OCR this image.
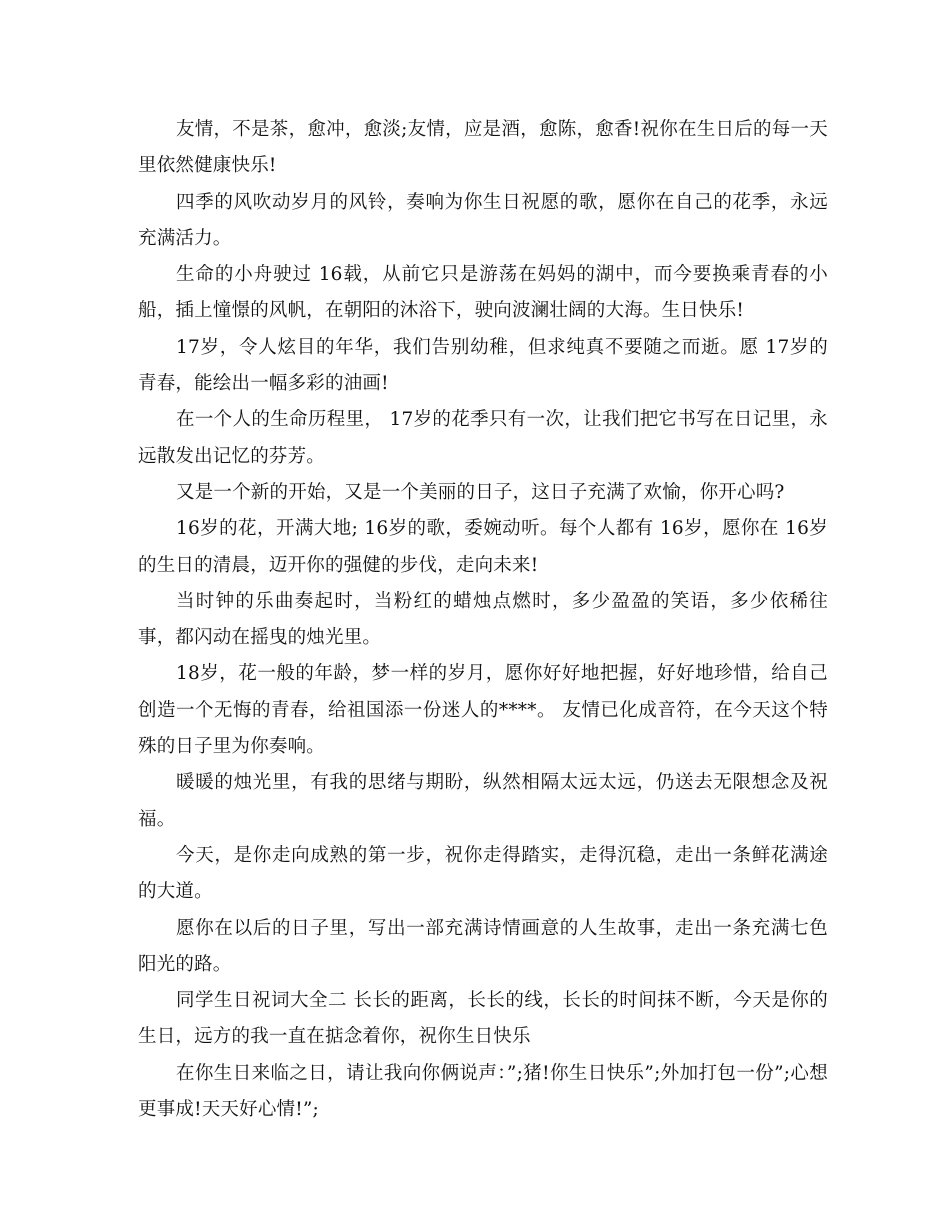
友情，不是茶，愈冲，愈淡;友情，应是酒，愈陈，愈香!祝你在生日后的每一天里依然健康快乐!

四季的风吹动岁月的风铃，奏响为你生日祝愿的歌，愿你在自己的花季，永远充满活力。

生命的小舟驶过 16载，从前它只是游荡在妈妈的湖中，而今要换乘青春的小船，插上憧憬的风帆，在朝阳的沐浴下，驶向波澜壮阔的大海。生日快乐!

17岁，令人炫目的年华，我们告别幼稚，但求纯真不要随之而逝。愿 17岁的青春，能绘出一幅多彩的油画!

在一个人的生命历程里， 17岁的花季只有一次，让我们把它书写在日记里，永远散发出记忆的芬芳。

又是一个新的开始，又是一个美丽的日子，这日子充满了欢愉，你开心吗?

16岁的花，开满大地; 16岁的歌，委婉动听。每个人都有 16岁，愿你在 16岁的生日的清晨，迈开你的强健的步伐，走向未来!

当时钟的乐曲奏起时，当粉红的蜡烛点燃时，多少盈盈的笑语，多少依稀往事，都闪动在摇曳的烛光里。

18岁，花一般的年龄，梦一样的岁月，愿你好好地把握，好好地珍惜，给自己创造一个无悔的青春，给祖国添一份迷人的****。 友情已化成音符，在今天这个特殊的日子里为你奏响。

暖暖的烛光里，有我的思绪与期盼，纵然相隔太远太远，仍送去无限想念及祝福。

今天，是你走向成熟的第一步，祝你走得踏实，走得沉稳，走出一条鲜花满途的大道。

愿你在以后的日子里，写出一部充满诗情画意的人生故事，走出一条充满七色阳光的路。

同学生日祝词大全二 长长的距离，长长的线，长长的时间抹不断，今天是你的生日，远方的我一直在掂念着你，祝你生日快乐

在你生日来临之日，请让我向你俩说声：”;猪!你生日快乐”;外加打包一份”;心想更事成!天天好心情!”;
